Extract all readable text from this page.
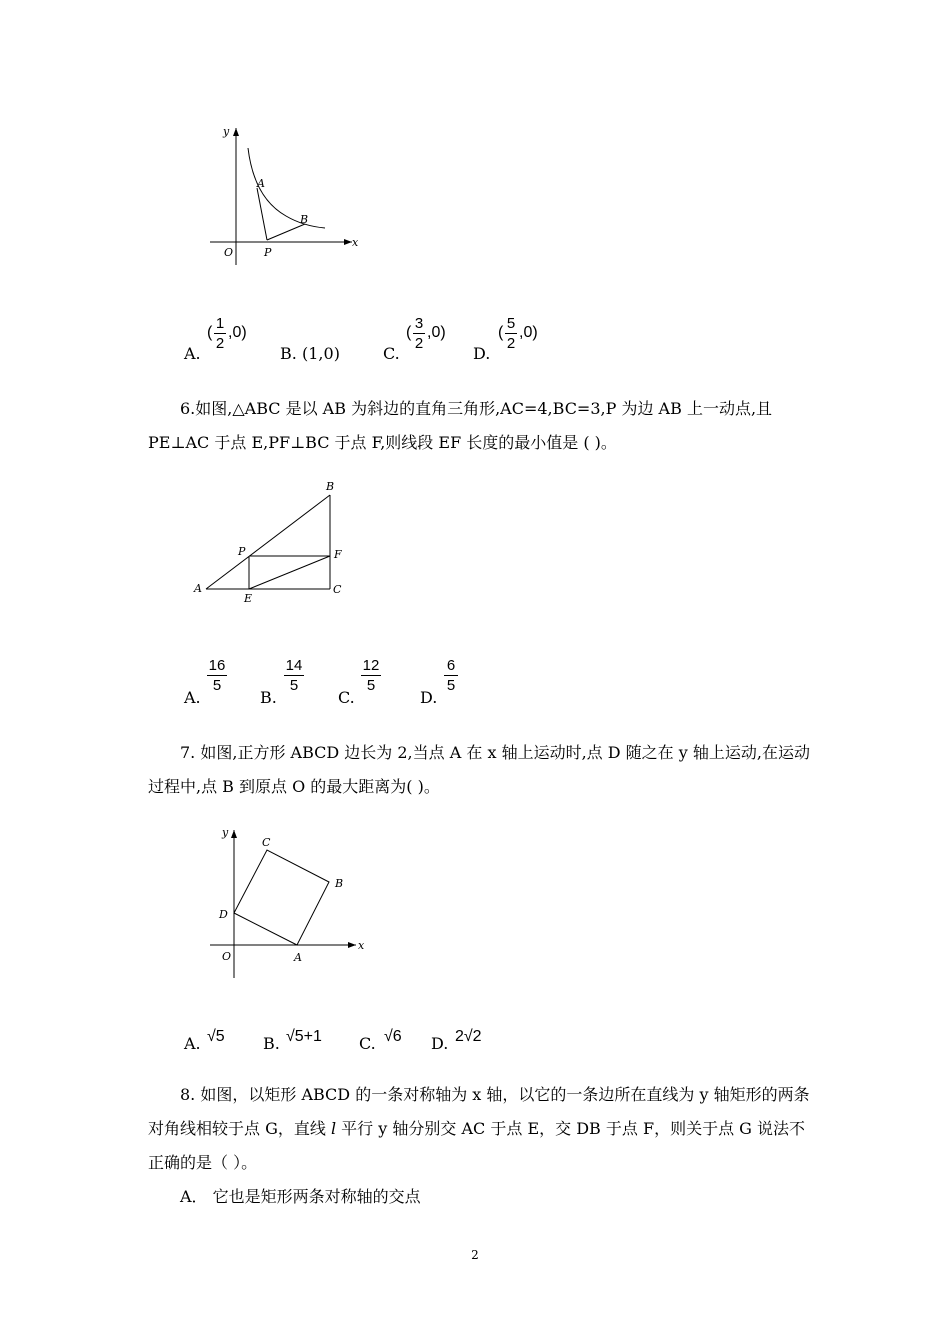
y
x
O
A
B
P
A.
(
1
2
,0)
B. (1,0)	C.
(
3
2
,0)
D.
(
5
2
,0)

6.如图,△ABC 是以 AB 为斜边的直角三角形,AC=4,BC=3,P 为边 AB 上一动点,且 PE⊥AC 于点 E,PF⊥BC 于点 F,则线段 EF 长度的最小值是 ( )。

A
B
C
P
E
F
A.
16
5
B.
14
5
C.
12
5
D.
6
5

7. 如图,正方形 ABCD 边长为 2,当点 A 在 x 轴上运动时,点 D 随之在 y 轴上运动,在运动过程中,点 B 到原点 O 的最大距离为( )。

y
x
O	A
B
C
D
A. √5 B. √5+1 C. √6 D. 2√2

8. 如图，以矩形 ABCD 的一条对称轴为 x 轴，以它的一条边所在直线为 y 轴矩形的两条对角线相较于点 G，直线 l 平行 y 轴分别交 AC 于点 E，交 DB 于点 F，则关于点 G 说法不正确的是（ ）。

A． 它也是矩形两条对称轴的交点

2
